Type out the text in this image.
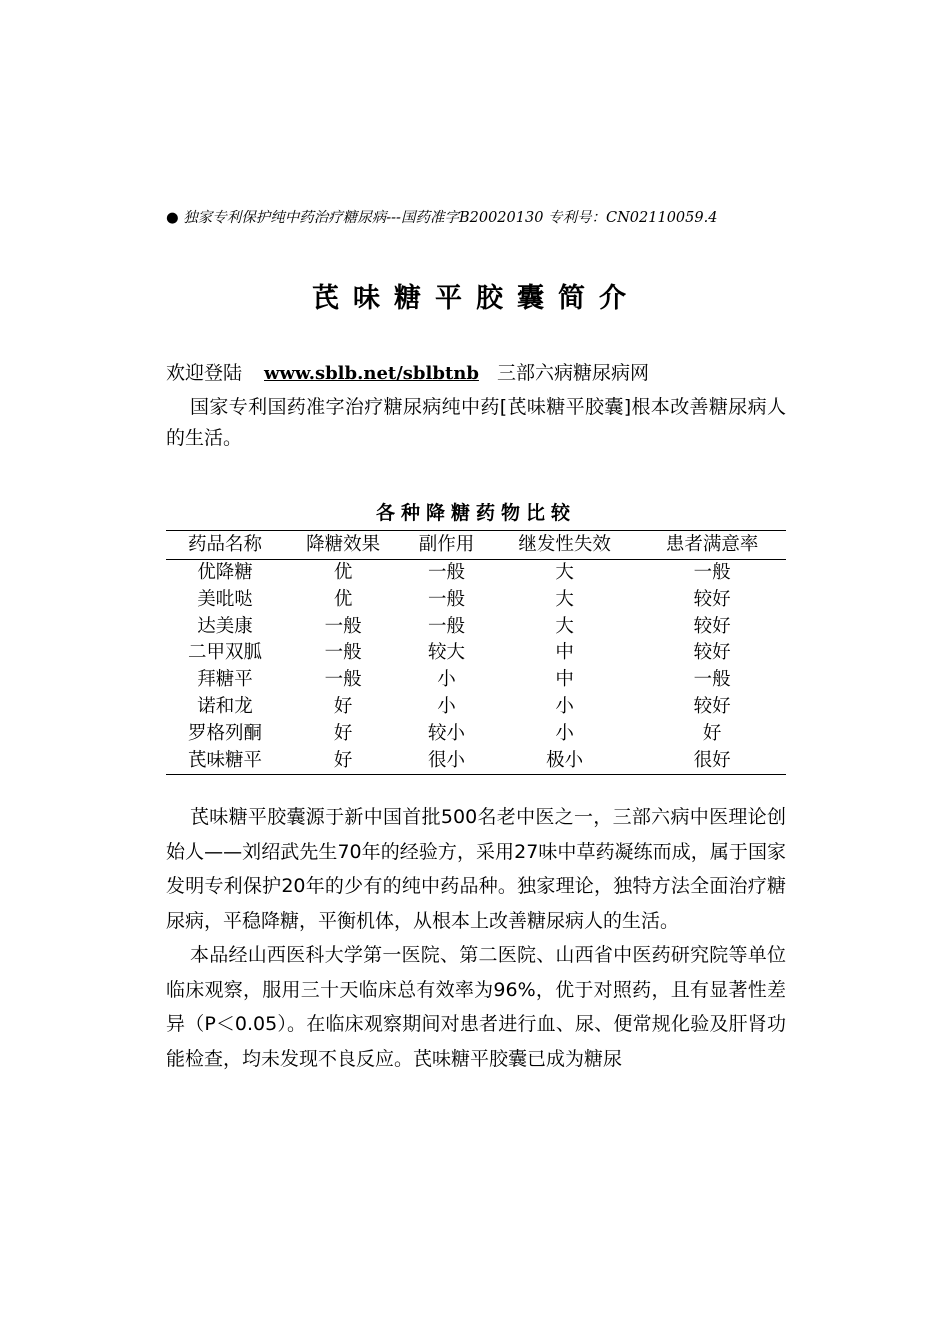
● 独家专利保护纯中药治疗糖尿病---国药准字B20020130 专利号：CN02110059.4
芪味糖平胶囊简介
欢迎登陆 www.sblb.net/sblbtnb 三部六病糖尿病网
国家专利国药准字治疗糖尿病纯中药[芪味糖平胶囊]根本改善糖尿病人的生活。
各种降糖药物比较
药品名称	降糖效果	副作用	继发性失效	患者满意率
优降糖	优	一般	大	一般
美吡哒	优	一般	大	较好
达美康	一般	一般	大	较好
二甲双胍	一般	较大	中	较好
拜糖平	一般	小	中	一般
诺和龙	好	小	小	较好
罗格列酮	好	较小	小	好
芪味糖平	好	很小	极小	很好

芪味糖平胶囊源于新中国首批500名老中医之一，三部六病中医理论创始人——刘绍武先生70年的经验方，采用27味中草药凝练而成，属于国家发明专利保护20年的少有的纯中药品种。独家理论，独特方法全面治疗糖尿病，平稳降糖，平衡机体，从根本上改善糖尿病人的生活。

本品经山西医科大学第一医院、第二医院、山西省中医药研究院等单位临床观察，服用三十天临床总有效率为96%，优于对照药，且有显著性差异（P＜0.05）。在临床观察期间对患者进行血、尿、便常规化验及肝肾功能检查，均未发现不良反应。芪味糖平胶囊已成为糖尿
